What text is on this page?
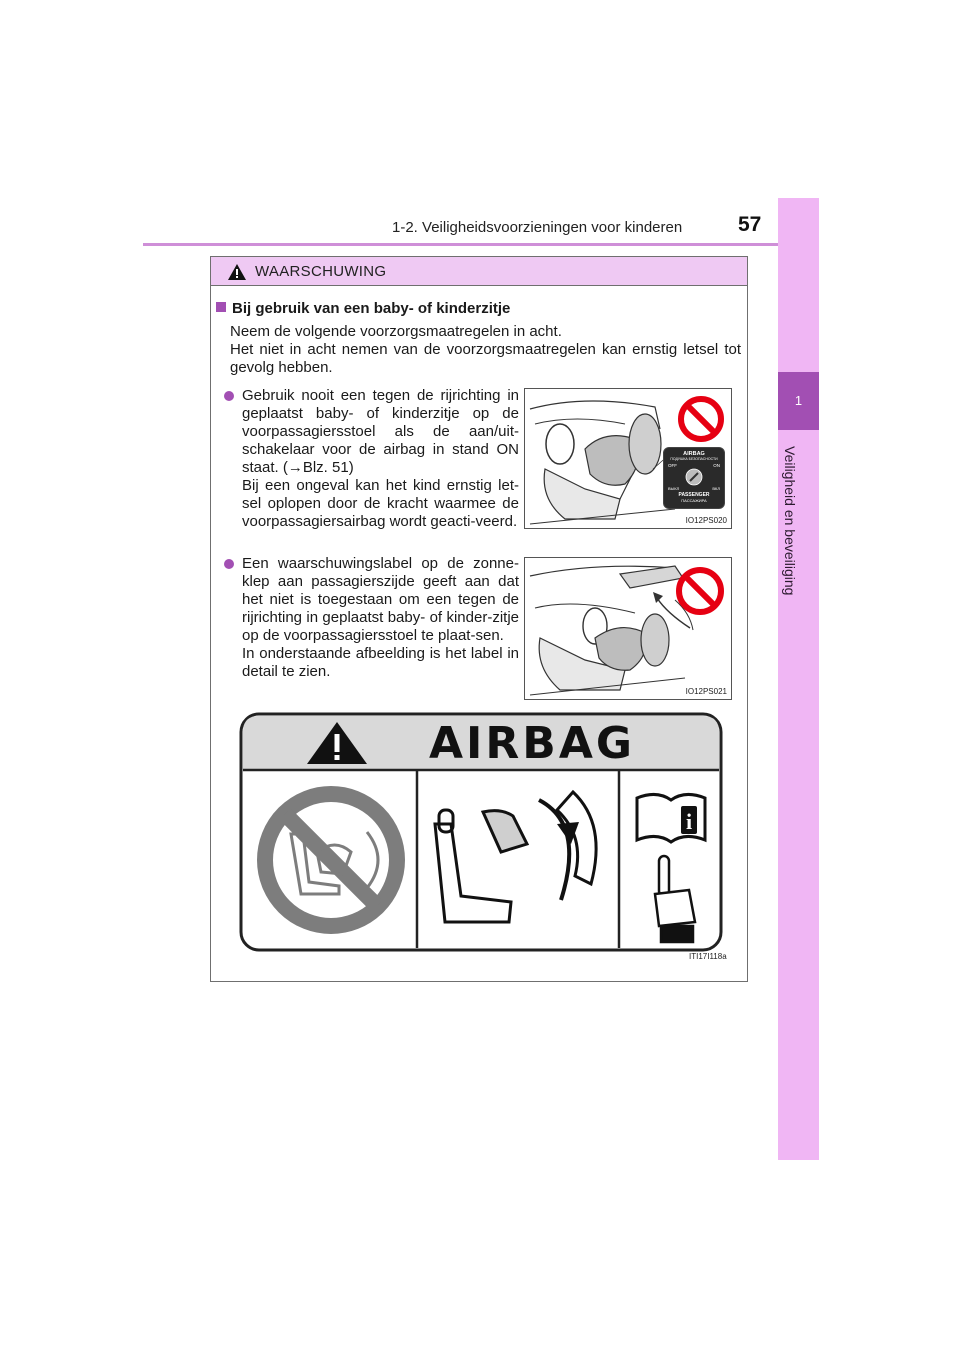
1-2. Veiligheidsvoorzieningen voor kinderen	57
1
Veiligheid en beveiliging
WAARSCHUWING
Bij gebruik van een baby- of kinderzitje

Neem de volgende voorzorgsmaatregelen in acht.

Het niet in acht nemen van de voorzorgsmaatregelen kan ernstig letsel tot gevolg hebben.

Gebruik nooit een tegen de rijrichting in geplaatst baby- of kinderzitje op de voorpassagiersstoel als de aan/uit-schakelaar voor de airbag in stand ON staat. (→Blz. 51)

Bij een ongeval kan het kind ernstig let-sel oplopen door de kracht waarmee de voorpassagiersairbag wordt geacti-veerd.

AIRBAG
ПОДУШКА БЕЗОПАСНОСТИ
OFF	ON
ВЫКЛ	ВКЛ
PASSENGER
ПАССАЖИРА
IO12PS020

Een waarschuwingslabel op de zonne-klep aan passagierszijde geeft aan dat het niet is toegestaan om een tegen de rijrichting in geplaatst baby- of kinder-zitje op de voorpassagiersstoel te plaat-sen.

In onderstaande afbeelding is het label in detail te zien.

IO12PS021
i
AIRBAG
ITI17I118a
